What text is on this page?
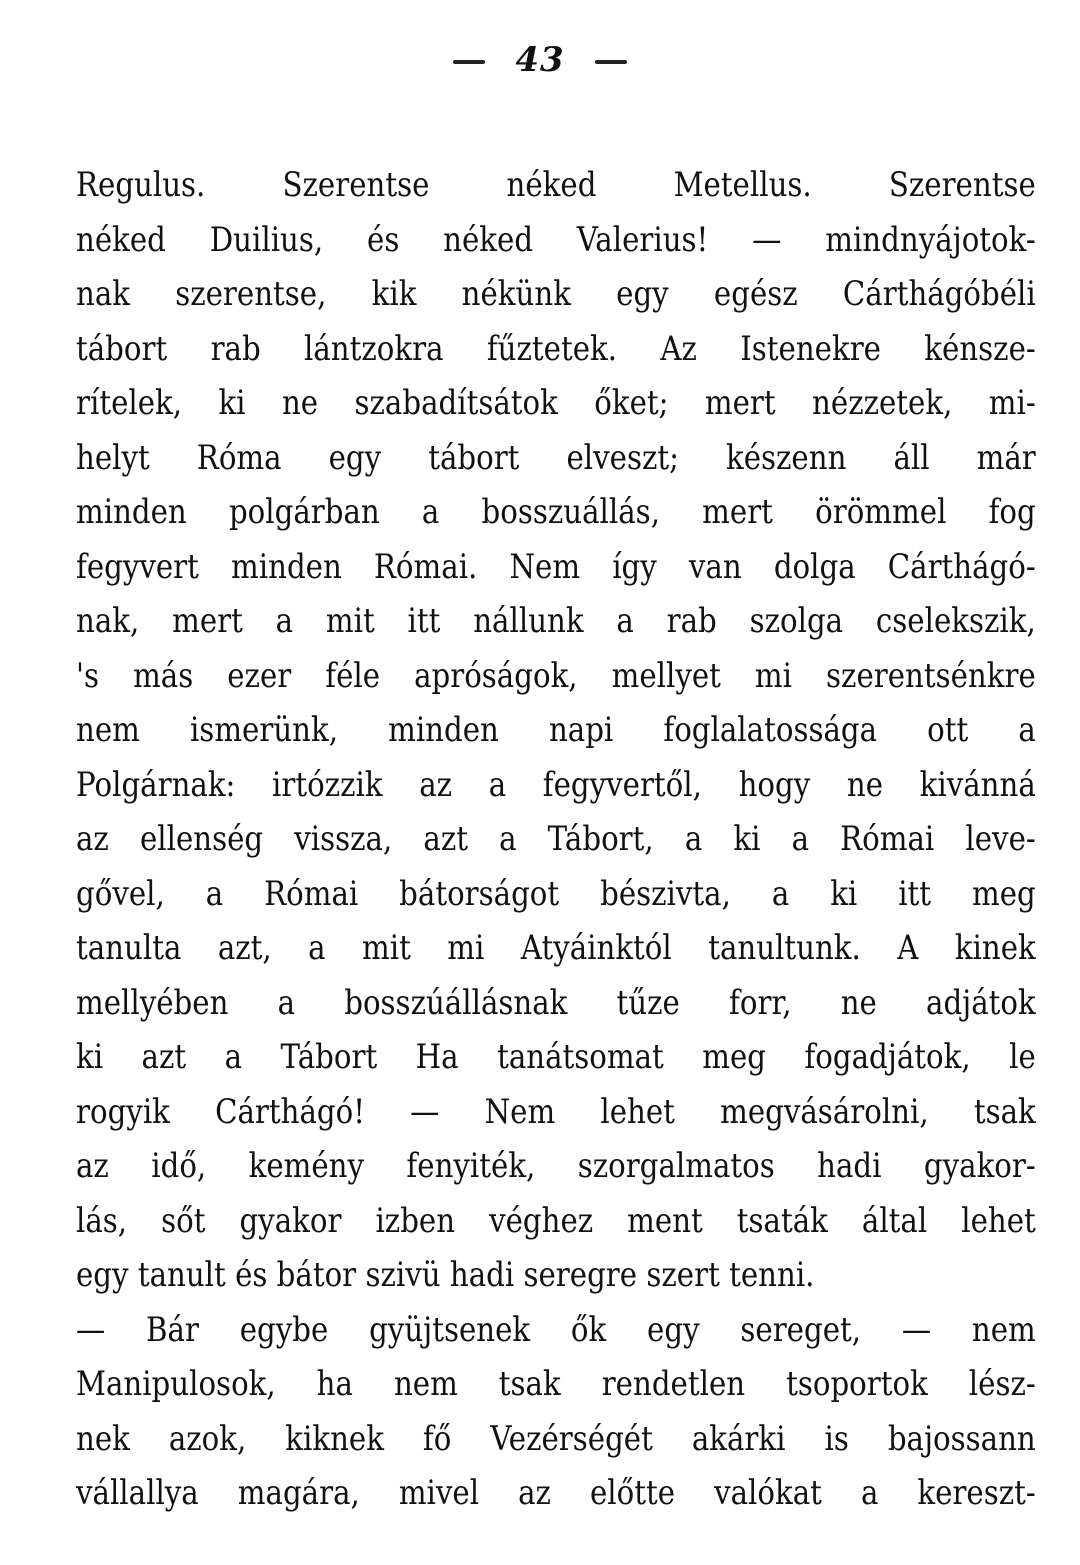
43
Regulus. Szerentse néked Metellus. Szerentse
néked Duilius, és néked Valerius! — mindnyájotok-
nak szerentse, kik nékünk egy egész Cárthágóbéli
tábort rab lántzokra fűztetek. Az Istenekre kénsze-
rítelek, ki ne szabadítsátok őket; mert nézzetek, mi-
helyt Róma egy tábort elveszt; készenn áll már
minden polgárban a bosszuállás, mert örömmel fog
fegyvert minden Római. Nem így van dolga Cárthágó-
nak, mert a mit itt nállunk a rab szolga cselekszik,
's más ezer féle apróságok, mellyet mi szerentsénkre
nem ismerünk, minden napi foglalatossága ott a
Polgárnak: irtózzik az a fegyvertől, hogy ne kivánná
az ellenség vissza, azt a Tábort, a ki a Római leve-
gővel, a Római bátorságot bészivta, a ki itt meg
tanulta azt, a mit mi Atyáinktól tanultunk. A kinek
mellyében a bosszúállásnak tűze forr, ne adjátok
ki azt a Tábort Ha tanátsomat meg fogadjátok, le
rogyik Cárthágó! — Nem lehet megvásárolni, tsak
az idő, kemény fenyiték, szorgalmatos hadi gyakor-
lás, sőt gyakor izben véghez ment tsaták által lehet
egy tanult és bátor szivü hadi seregre szert tenni.
— Bár egybe gyüjtsenek ők egy sereget, — nem
Manipulosok, ha nem tsak rendetlen tsoportok lész-
nek azok, kiknek fő Vezérségét akárki is bajossann
vállallya magára, mivel az előtte valókat a kereszt-
